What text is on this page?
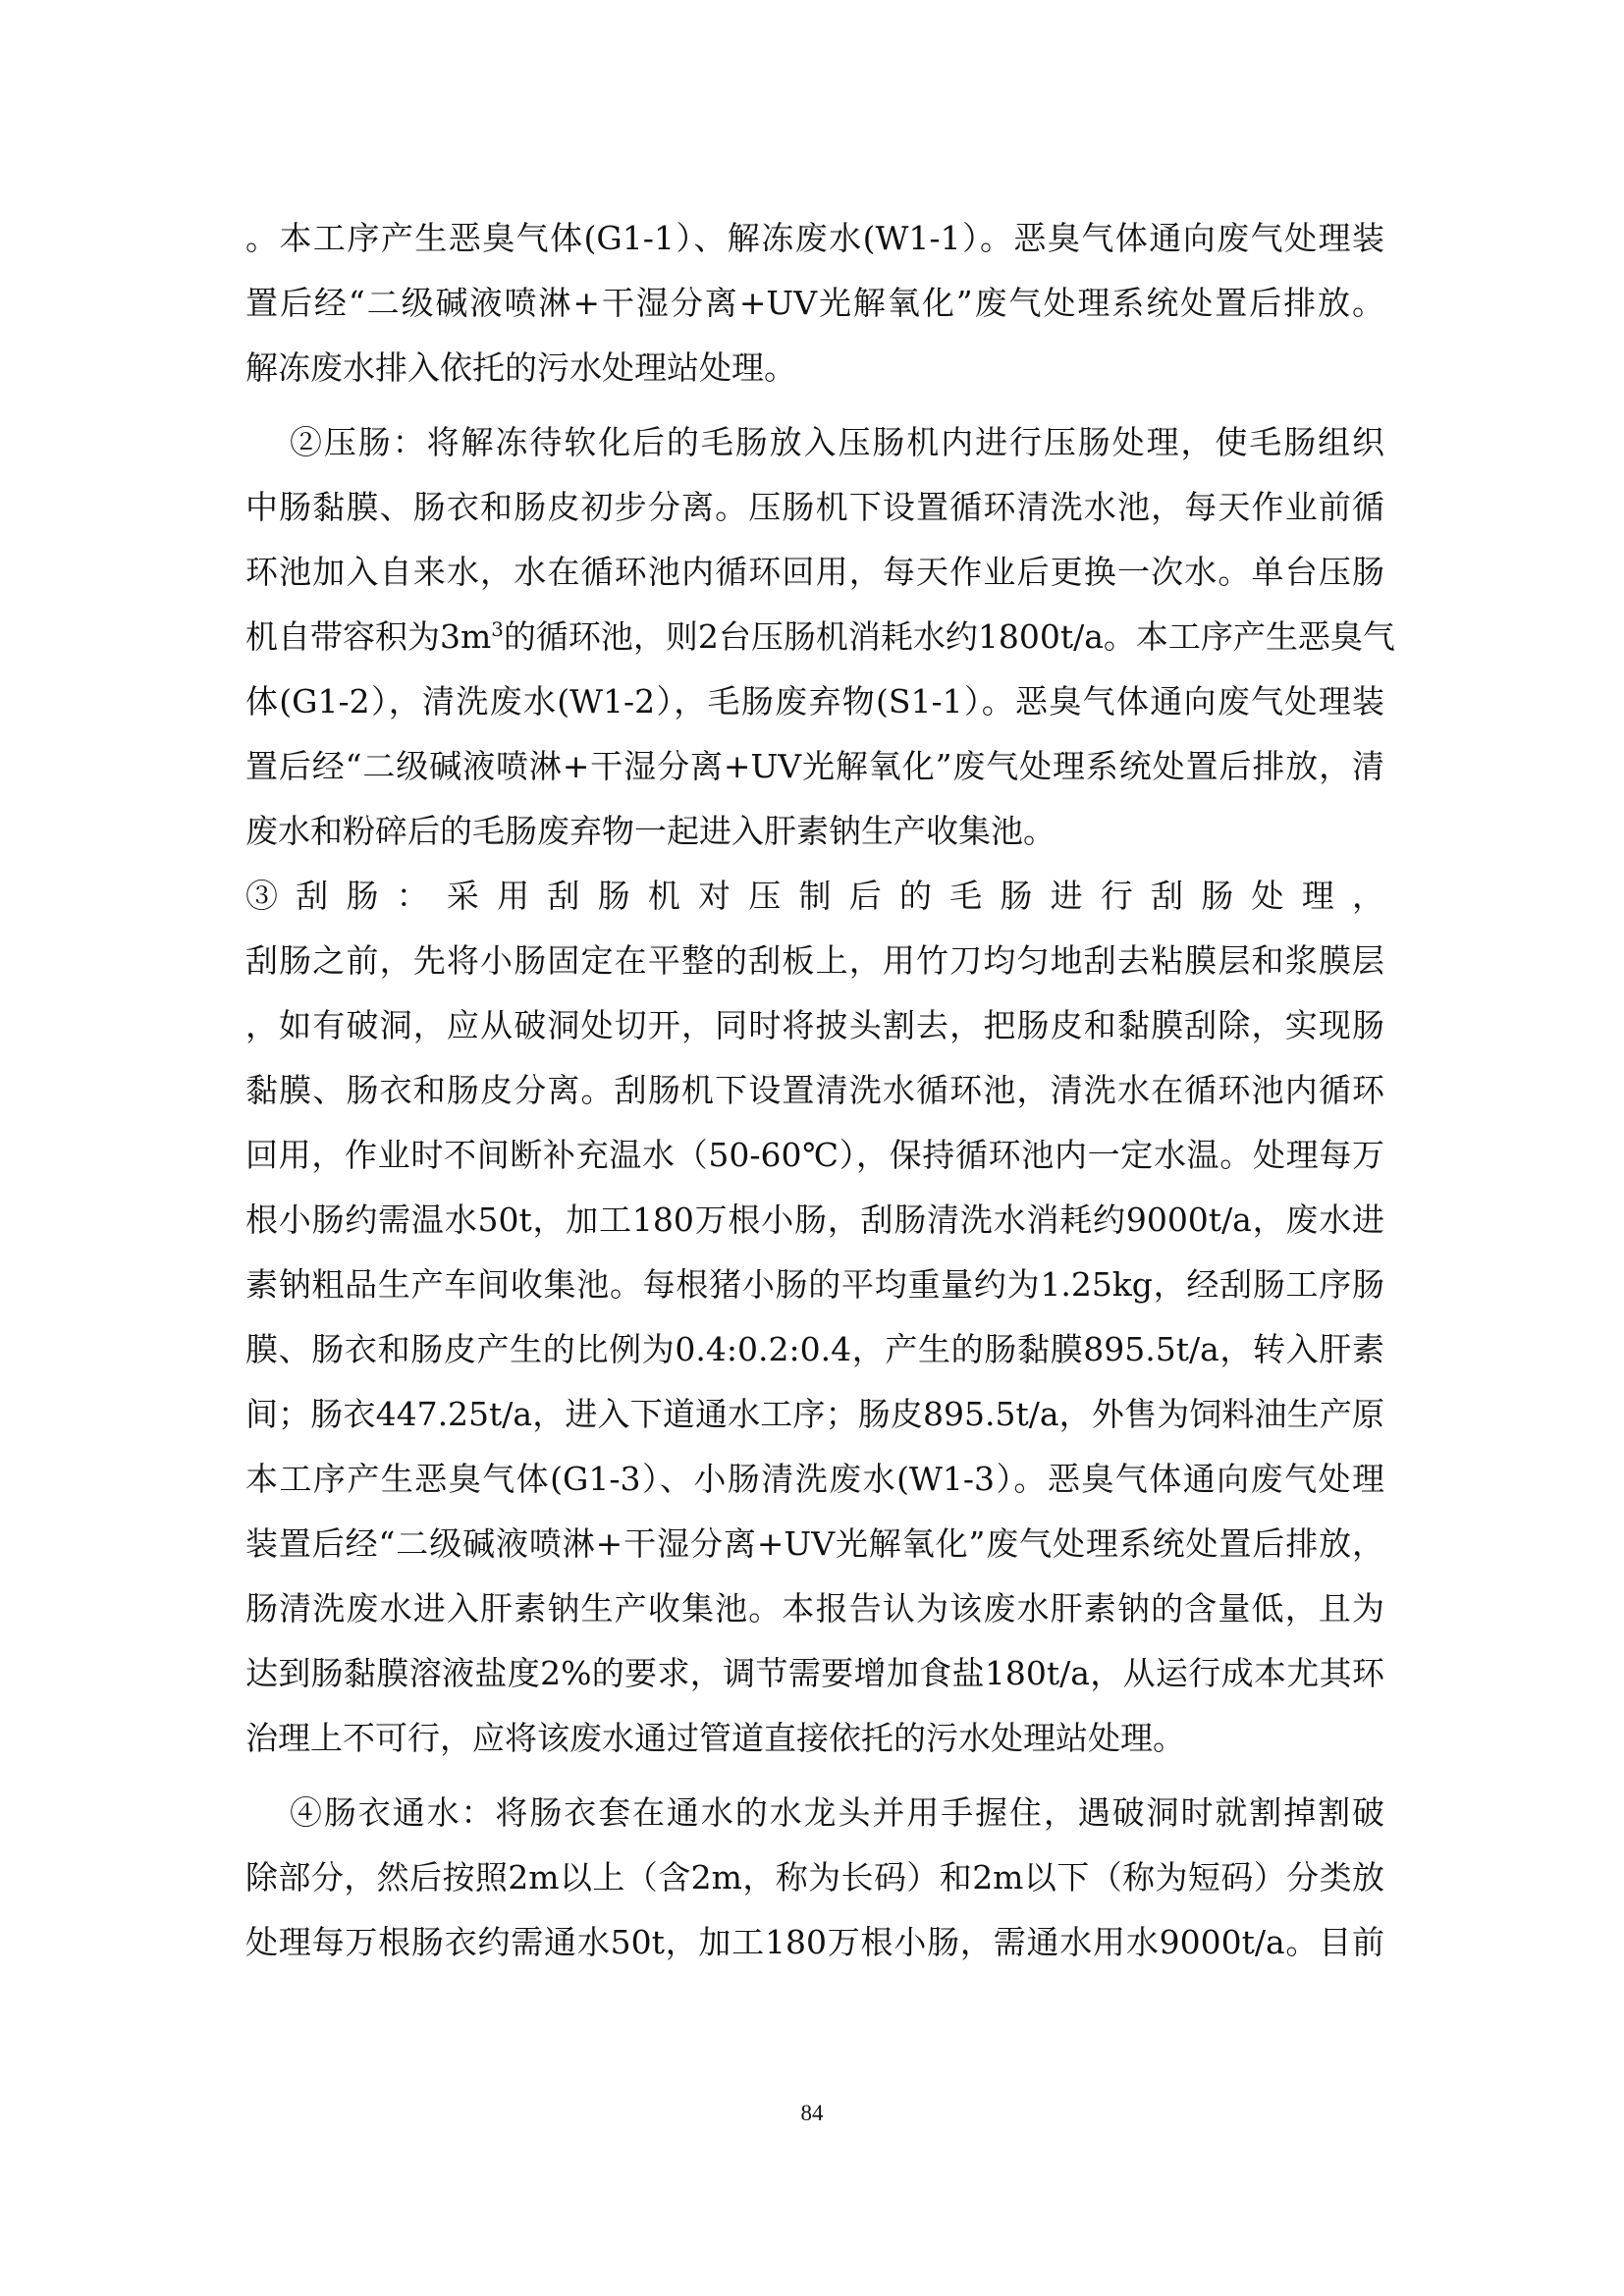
。本工序产生恶臭气体(G1-1）、解冻废水(W1-1）。恶臭气体通向废气处理装
置后经“二级碱液喷淋+干湿分离+UV光解氧化”废气处理系统处置后排放。
解冻废水排入依托的污水处理站处理。
②压肠：将解冻待软化后的毛肠放入压肠机内进行压肠处理，使毛肠组织
中肠黏膜、肠衣和肠皮初步分离。压肠机下设置循环清洗水池，每天作业前循
环池加入自来水，水在循环池内循环回用，每天作业后更换一次水。单台压肠
机自带容积为$3m^3$的循环池，则2台压肠机消耗水约1800t/a。本工序产生恶臭气
体(G1-2），清洗废水(W1-2），毛肠废弃物(S1-1）。恶臭气体通向废气处理装
置后经“二级碱液喷淋+干湿分离+UV光解氧化”废气处理系统处置后排放，清
废水和粉碎后的毛肠废弃物一起进入肝素钠生产收集池。
③ 刮 肠 ： 采 用 刮 肠 机 对 压 制 后 的 毛 肠 进 行 刮 肠 处 理 ，
刮肠之前，先将小肠固定在平整的刮板上，用竹刀均匀地刮去粘膜层和浆膜层
，如有破洞，应从破洞处切开，同时将披头割去，把肠皮和黏膜刮除，实现肠
黏膜、肠衣和肠皮分离。刮肠机下设置清洗水循环池，清洗水在循环池内循环
回用，作业时不间断补充温水（50-60℃），保持循环池内一定水温。处理每万
根小肠约需温水50t，加工180万根小肠，刮肠清洗水消耗约9000t/a，废水进
素钠粗品生产车间收集池。每根猪小肠的平均重量约为1.25kg，经刮肠工序肠
膜、肠衣和肠皮产生的比例为0.4:0.2:0.4，产生的肠黏膜895.5t/a，转入肝素
间；肠衣447.25t/a，进入下道通水工序；肠皮895.5t/a，外售为饲料油生产原
本工序产生恶臭气体(G1-3）、小肠清洗废水(W1-3）。恶臭气体通向废气处理
装置后经“二级碱液喷淋+干湿分离+UV光解氧化”废气处理系统处置后排放，
肠清洗废水进入肝素钠生产收集池。本报告认为该废水肝素钠的含量低，且为
达到肠黏膜溶液盐度2%的要求，调节需要增加食盐180t/a，从运行成本尤其环
治理上不可行，应将该废水通过管道直接依托的污水处理站处理。
④肠衣通水：将肠衣套在通水的水龙头并用手握住，遇破洞时就割掉割破
除部分，然后按照2m以上（含2m，称为长码）和2m以下（称为短码）分类放
处理每万根肠衣约需通水50t，加工180万根小肠，需通水用水9000t/a。目前
84
